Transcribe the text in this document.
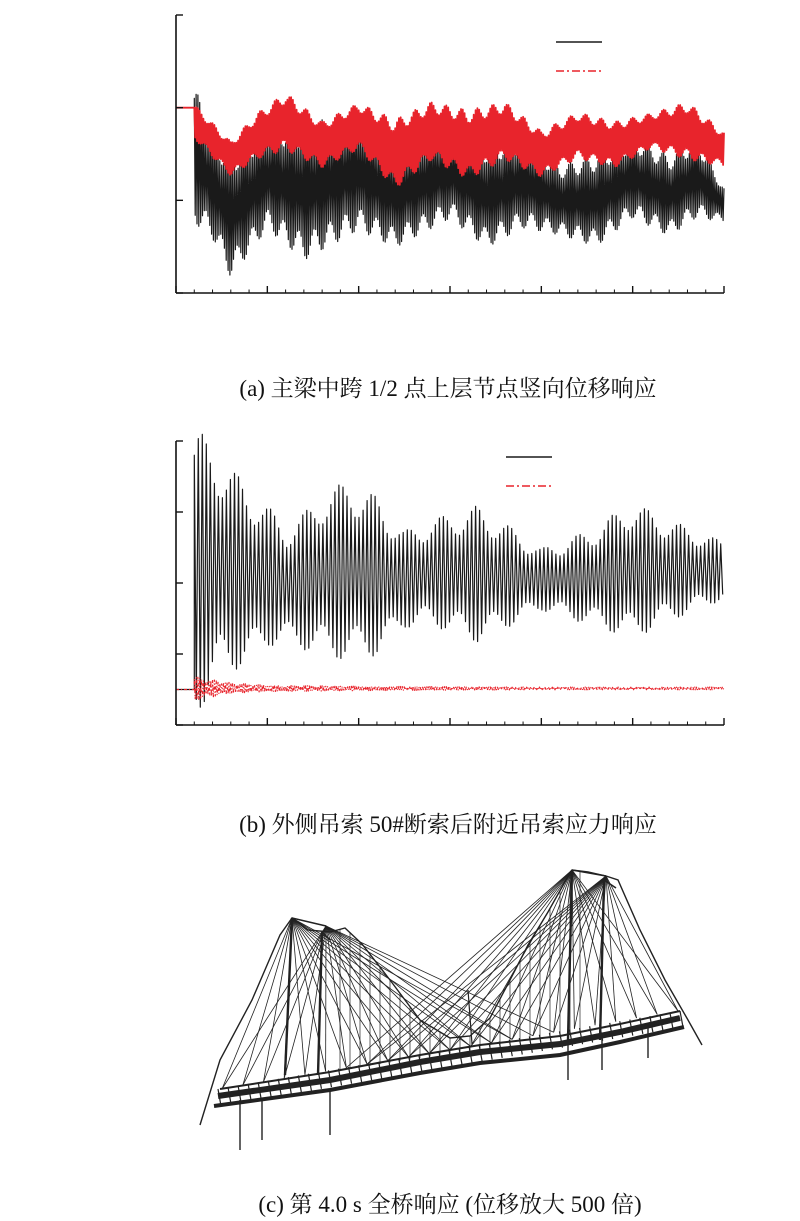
(a) 主梁中跨 1/2 点上层节点竖向位移响应
(b) 外侧吊索 50#断索后附近吊索应力响应
(c) 第 4.0 s 全桥响应 (位移放大 500 倍)
